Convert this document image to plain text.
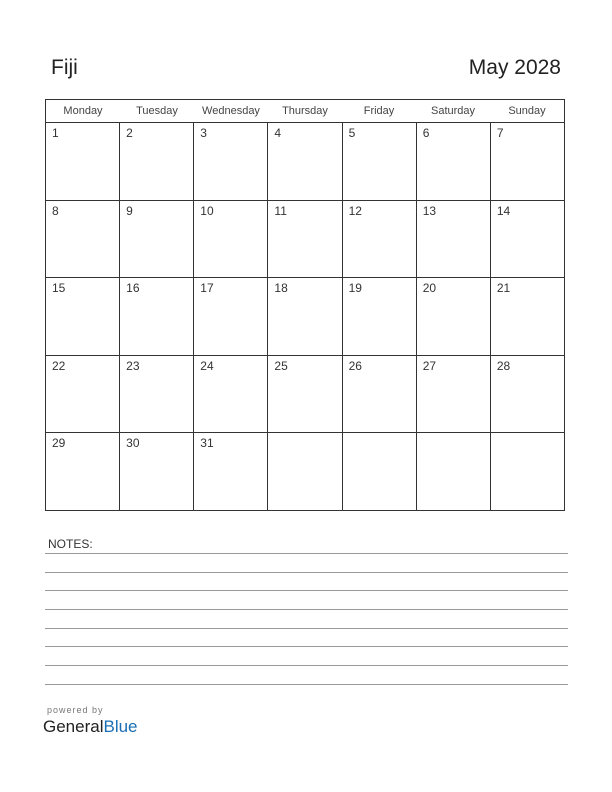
Fiji	May 2028
Monday	Tuesday	Wednesday	Thursday	Friday	Saturday	Sunday
1	2	3	4	5	6	7
8	9	10	11	12	13	14
15	16	17	18	19	20	21
22	23	24	25	26	27	28
29	30	31
NOTES:
powered by
GeneralBlue
